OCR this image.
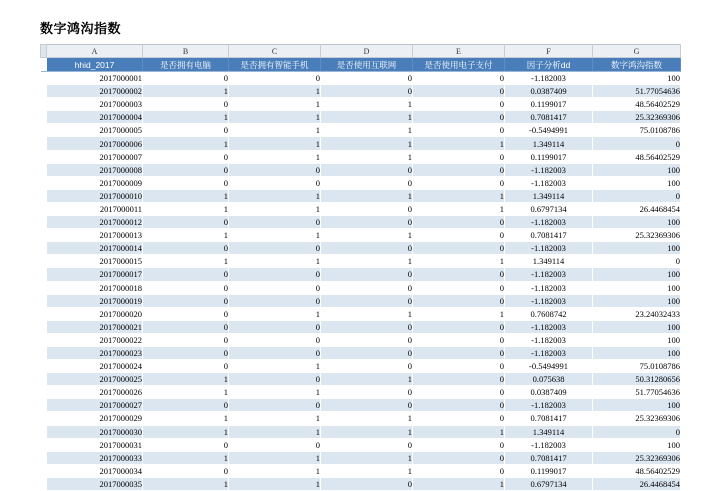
数字鸿沟指数
	A	B	C	D	E	F	G
	hhid_2017	是否拥有电脑	是否拥有智能手机	是否使用互联网	是否使用电子支付	因子分析dd	数字鸿沟指数
	2017000001	0	0	0	0	-1.182003	100
	2017000002	1	1	0	0	0.0387409	51.77054636
	2017000003	0	1	1	0	0.1199017	48.56402529
	2017000004	1	1	1	0	0.7081417	25.32369306
	2017000005	0	1	1	0	-0.5494991	75.0108786
	2017000006	1	1	1	1	1.349114	0
	2017000007	0	1	1	0	0.1199017	48.56402529
	2017000008	0	0	0	0	-1.182003	100
	2017000009	0	0	0	0	-1.182003	100
	2017000010	1	1	1	1	1.349114	0
	2017000011	1	1	0	1	0.6797134	26.4468454
	2017000012	0	0	0	0	-1.182003	100
	2017000013	1	1	1	0	0.7081417	25.32369306
	2017000014	0	0	0	0	-1.182003	100
	2017000015	1	1	1	1	1.349114	0
	2017000017	0	0	0	0	-1.182003	100
	2017000018	0	0	0	0	-1.182003	100
	2017000019	0	0	0	0	-1.182003	100
	2017000020	0	1	1	1	0.7608742	23.24032433
	2017000021	0	0	0	0	-1.182003	100
	2017000022	0	0	0	0	-1.182003	100
	2017000023	0	0	0	0	-1.182003	100
	2017000024	0	1	0	0	-0.5494991	75.0108786
	2017000025	1	0	1	0	0.075638	50.31280656
	2017000026	1	1	0	0	0.0387409	51.77054636
	2017000027	0	0	0	0	-1.182003	100
	2017000029	1	1	1	0	0.7081417	25.32369306
	2017000030	1	1	1	1	1.349114	0
	2017000031	0	0	0	0	-1.182003	100
	2017000033	1	1	1	0	0.7081417	25.32369306
	2017000034	0	1	1	0	0.1199017	48.56402529
	2017000035	1	1	0	1	0.6797134	26.4468454
